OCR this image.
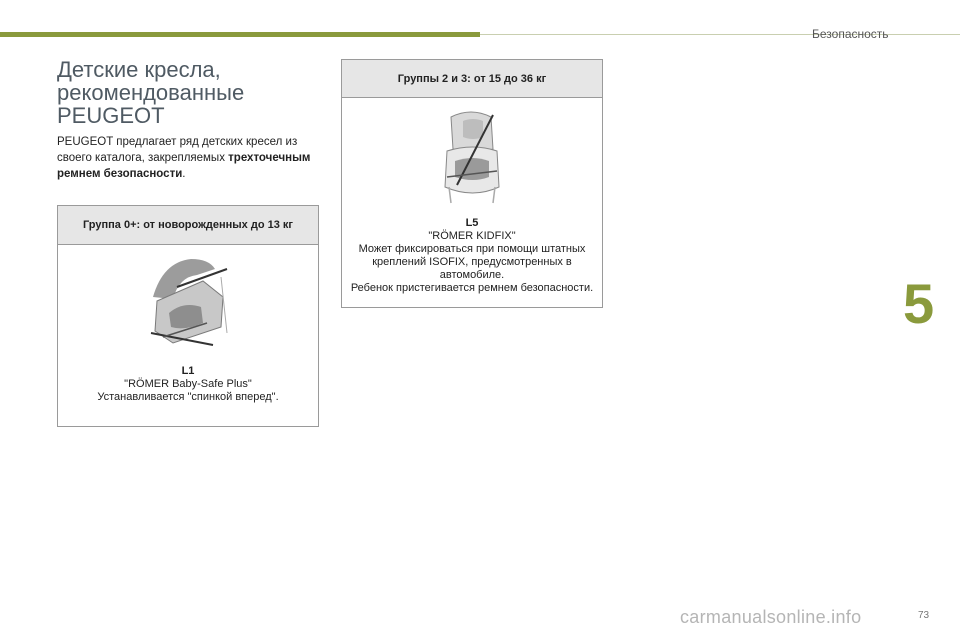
Безопасность
Детские кресла,
рекомендованные
PEUGEOT
PEUGEOT предлагает ряд детских кресел из своего каталога, закрепляемых трехточечным ремнем безопасности.
Группа 0+: от новорожденных до 13 кг
L1
"RÖMER Baby-Safe Plus"
Устанавливается "спинкой вперед".
Группы 2 и 3: от 15 до 36 кг
L5
"RÖMER KIDFIX"
Может фиксироваться при помощи штатных
креплений ISOFIX, предусмотренных в
автомобиле.
Ребенок пристегивается ремнем безопасности.	5
carmanualsonline.info	73
